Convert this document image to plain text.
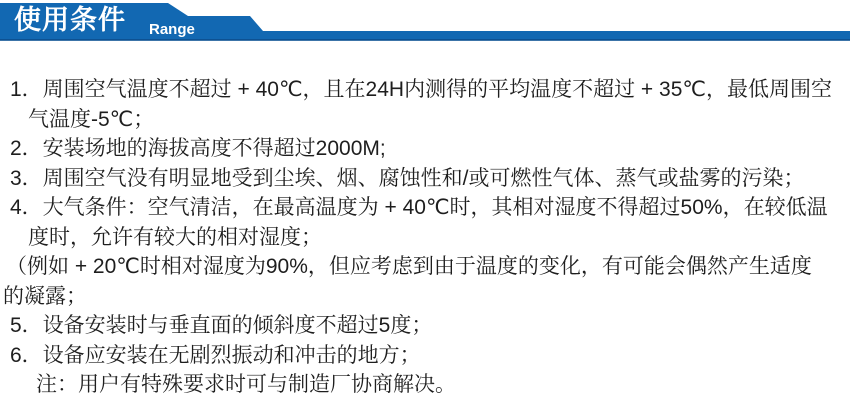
使用条件 Range
1．周围空气温度不超过 + 40℃，且在24H内测得的平均温度不超过 + 35℃，最低周围空
气温度-5℃；
2．安装场地的海拔高度不得超过2000M;
3．周围空气没有明显地受到尘埃、烟、腐蚀性和/或可燃性气体、蒸气或盐雾的污染；
4．大气条件：空气清洁，在最高温度为 + 40℃时，其相对湿度不得超过50%，在较低温
度时，允许有较大的相对湿度；
（例如 + 20℃时相对湿度为90%，但应考虑到由于温度的变化，有可能会偶然产生适度
的凝露；
5．设备安装时与垂直面的倾斜度不超过5度；
6．设备应安装在无剧烈振动和冲击的地方；
注：用户有特殊要求时可与制造厂协商解决。
